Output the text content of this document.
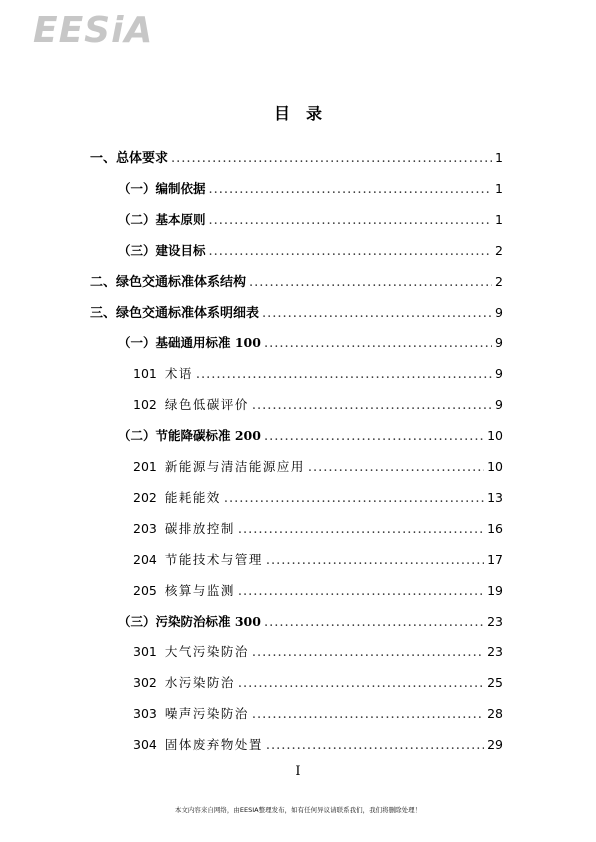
EESiA
目　录
一、总体要求 .....	1
（一）编制依据 .....	1
（二）基本原则 .....	1
（三）建设目标 .....	2
二、绿色交通标准体系结构 .....	2
三、绿色交通标准体系明细表 .....	9
（一）基础通用标准 100 .....	9
101 术语 .....	9
102 绿色低碳评价 .....	9
（二）节能降碳标准 200 .....	10
201 新能源与清洁能源应用 .....	10
202 能耗能效 .....	13
203 碳排放控制 .....	16
204 节能技术与管理 .....	17
205 核算与监测 .....	19
（三）污染防治标准 300 .....	23
301 大气污染防治 .....	23
302 水污染防治 .....	25
303 噪声污染防治 .....	28
304 固体废弃物处置 .....	29
I
本文内容来自网络，由EESIA整理发布，如有任何异议请联系我们，我们将删除处理！
